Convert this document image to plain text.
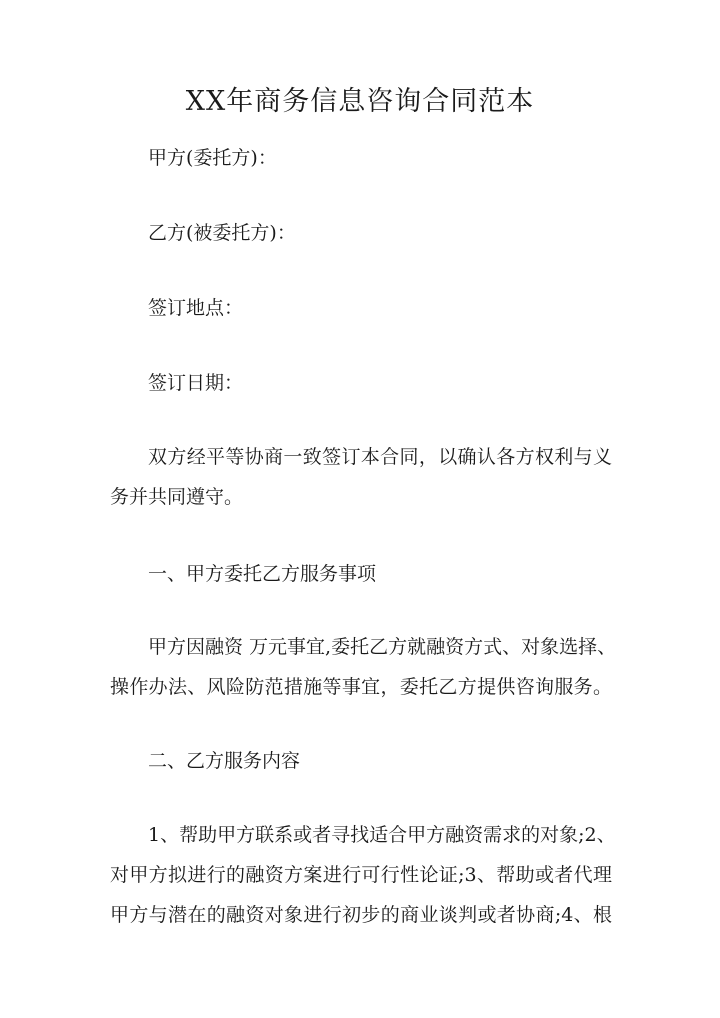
XX年商务信息咨询合同范本
甲方(委托方)：
乙方(被委托方)：
签订地点：
签订日期：
双方经平等协商一致签订本合同，以确认各方权利与义
务并共同遵守。
一、甲方委托乙方服务事项
甲方因融资 万元事宜,委托乙方就融资方式、对象选择、
操作办法、风险防范措施等事宜，委托乙方提供咨询服务。
二、乙方服务内容
1、帮助甲方联系或者寻找适合甲方融资需求的对象;2、
对甲方拟进行的融资方案进行可行性论证;3、帮助或者代理
甲方与潜在的融资对象进行初步的商业谈判或者协商;4、根
